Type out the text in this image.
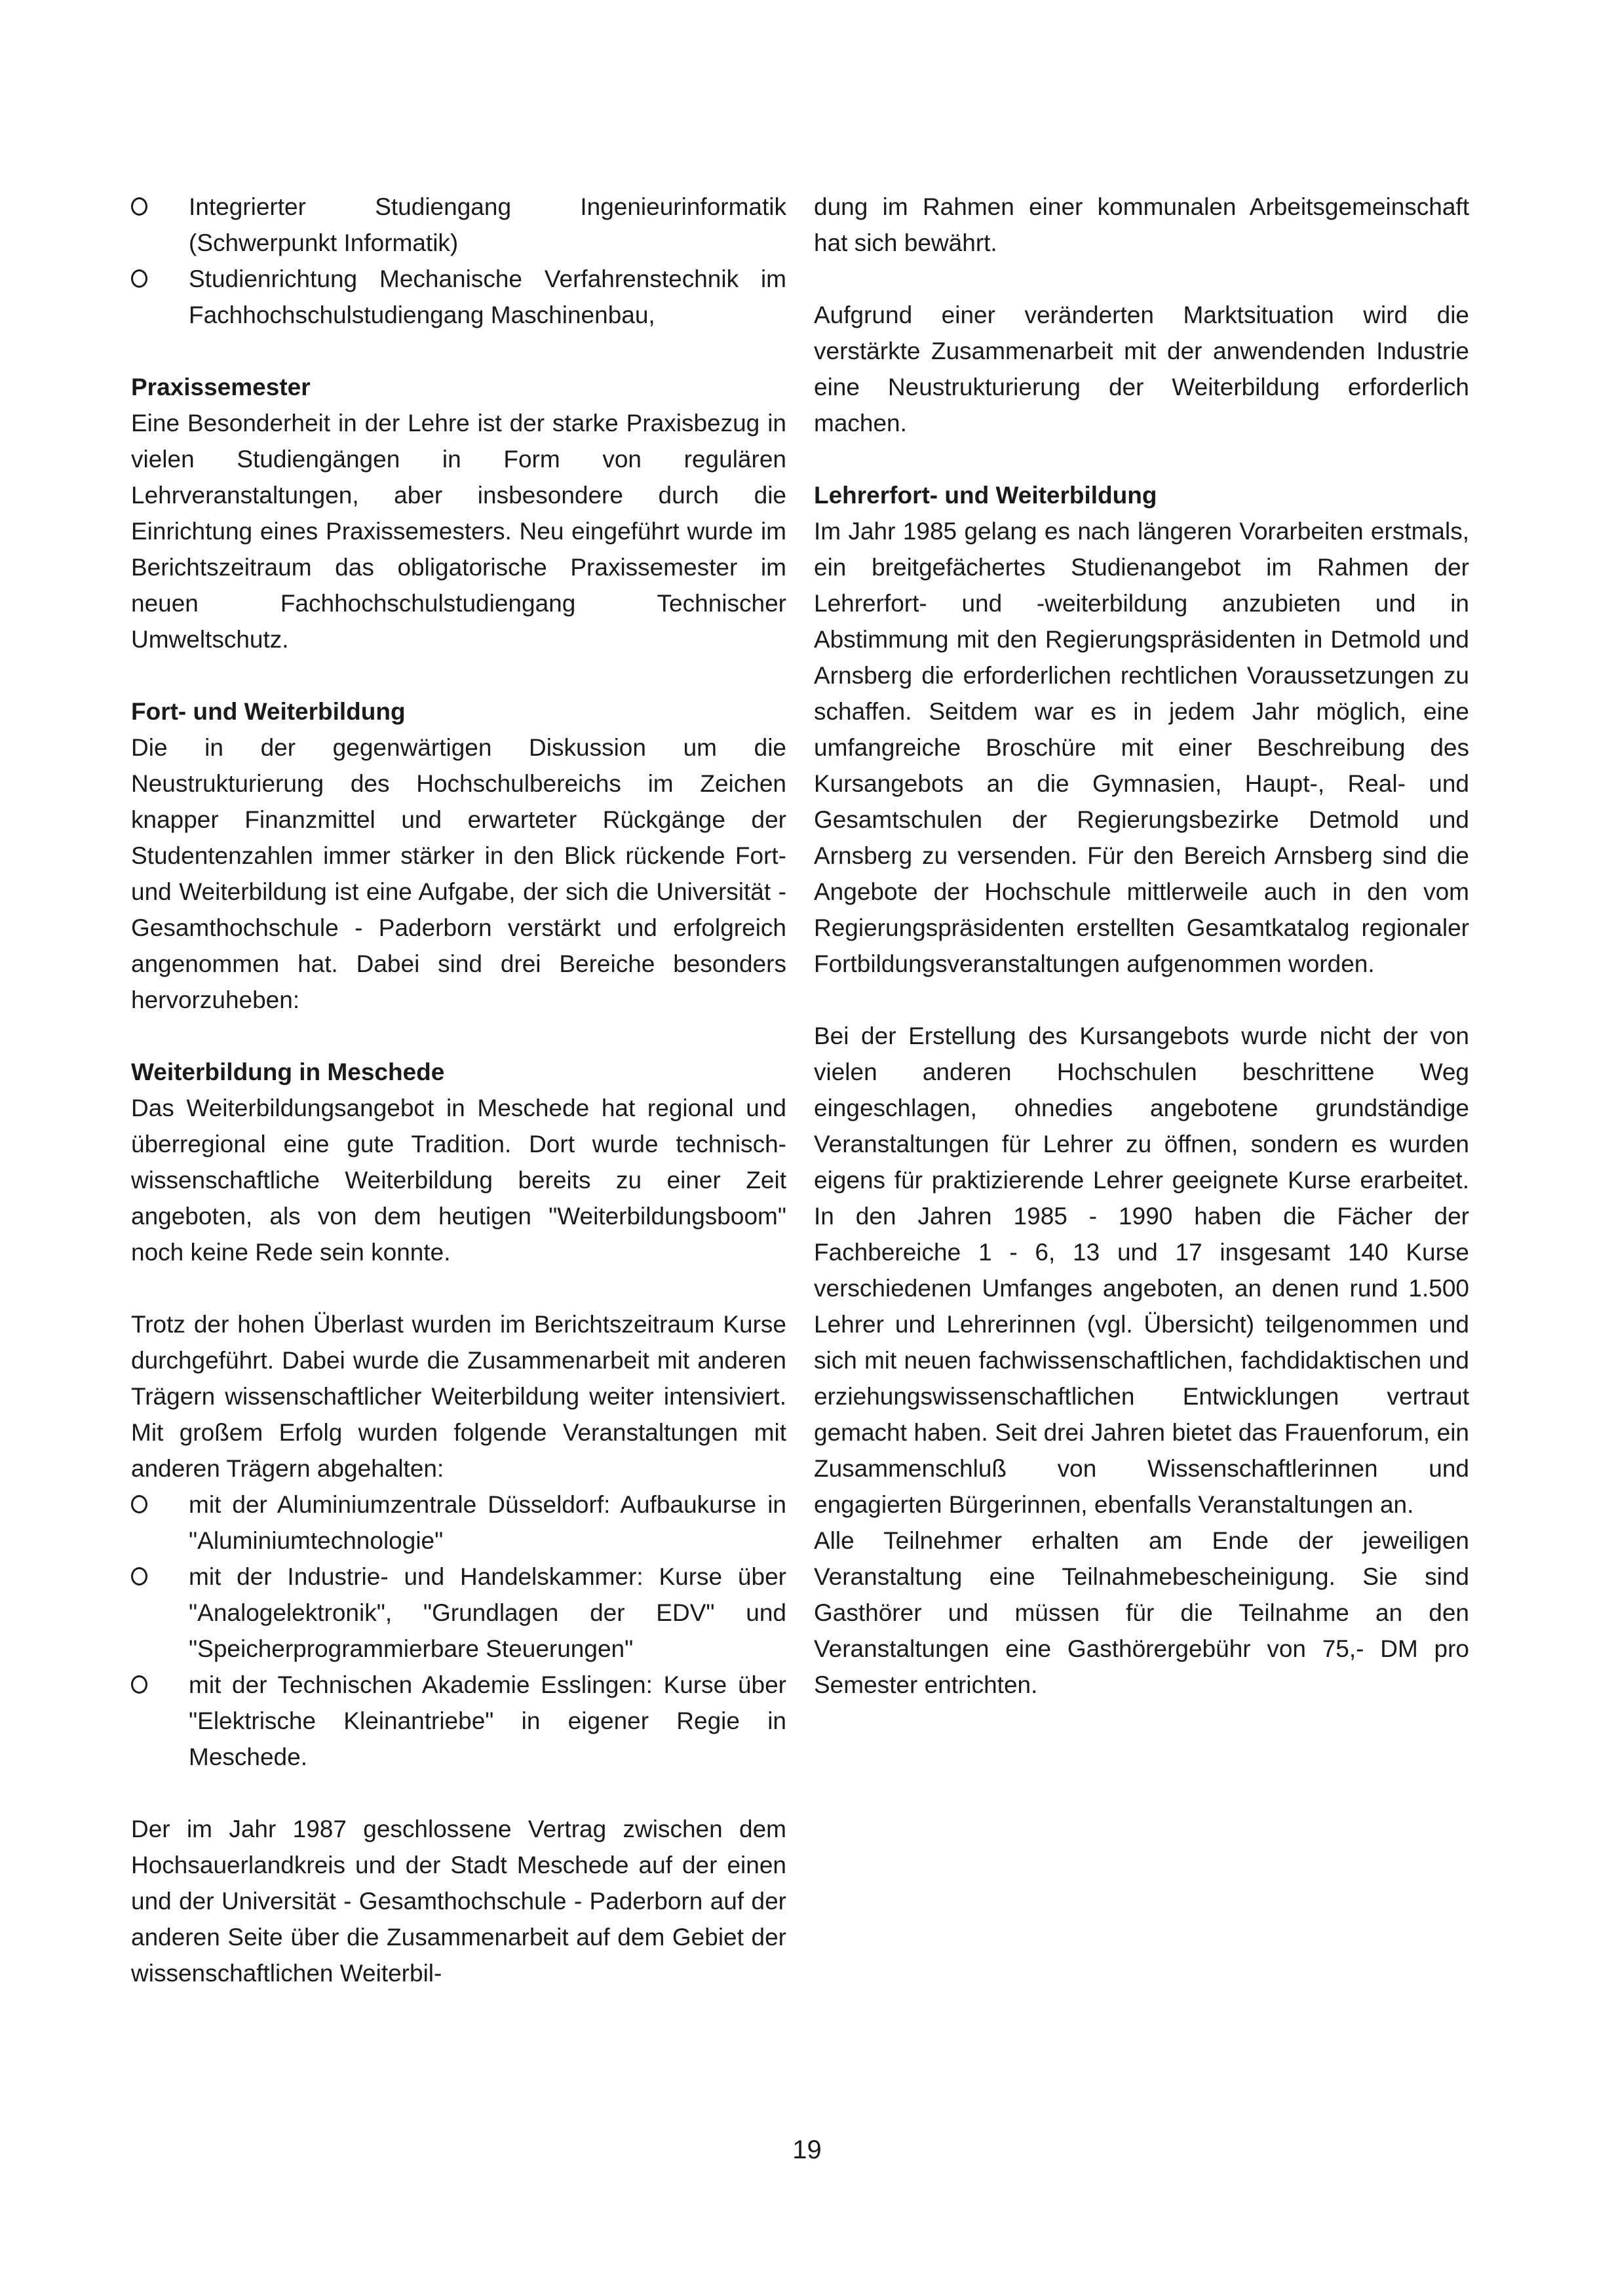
Integrierter Studiengang Ingenieurinformatik (Schwerpunkt Informatik)
Studienrichtung Mechanische Verfahrenstechnik im Fachhochschulstudiengang Maschinenbau,
Praxissemester

Eine Besonderheit in der Lehre ist der starke Praxisbezug in vielen Studiengängen in Form von regulären Lehrveranstaltungen, aber insbesondere durch die Einrichtung eines Praxissemesters. Neu eingeführt wurde im Berichtszeitraum das obligatorische Praxissemester im neuen Fachhochschulstudiengang Technischer Umweltschutz.

Fort- und Weiterbildung

Die in der gegenwärtigen Diskussion um die Neustrukturierung des Hochschulbereichs im Zeichen knapper Finanzmittel und erwarteter Rückgänge der Studentenzahlen immer stärker in den Blick rückende Fort- und Weiterbildung ist eine Aufgabe, der sich die Universität - Gesamthochschule - Paderborn verstärkt und erfolgreich angenommen hat. Dabei sind drei Bereiche besonders hervorzuheben:

Weiterbildung in Meschede

Das Weiterbildungsangebot in Meschede hat regional und überregional eine gute Tradition. Dort wurde technisch-wissenschaftliche Weiterbildung bereits zu einer Zeit angeboten, als von dem heutigen "Weiterbildungsboom" noch keine Rede sein konnte.

Trotz der hohen Überlast wurden im Berichtszeitraum Kurse durchgeführt. Dabei wurde die Zusammenarbeit mit anderen Trägern wissenschaftlicher Weiterbildung weiter intensiviert. Mit großem Erfolg wurden folgende Veranstaltungen mit anderen Trägern abgehalten:

mit der Aluminiumzentrale Düsseldorf: Aufbaukurse in "Aluminiumtechnologie"
mit der Industrie- und Handelskammer: Kurse über "Analogelektronik", "Grundlagen der EDV" und "Speicherprogrammierbare Steuerungen"
mit der Technischen Akademie Esslingen: Kurse über "Elektrische Kleinantriebe" in eigener Regie in Meschede.

Der im Jahr 1987 geschlossene Vertrag zwischen dem Hochsauerlandkreis und der Stadt Meschede auf der einen und der Universität - Gesamthochschule - Paderborn auf der anderen Seite über die Zusammenarbeit auf dem Gebiet der wissenschaftlichen Weiterbil-

dung im Rahmen einer kommunalen Arbeitsgemeinschaft hat sich bewährt.

Aufgrund einer veränderten Marktsituation wird die verstärkte Zusammenarbeit mit der anwendenden Industrie eine Neustrukturierung der Weiterbildung erforderlich machen.

Lehrerfort- und Weiterbildung

Im Jahr 1985 gelang es nach längeren Vorarbeiten erstmals, ein breitgefächertes Studienangebot im Rahmen der Lehrerfort- und -weiterbildung anzubieten und in Abstimmung mit den Regierungspräsidenten in Detmold und Arnsberg die erforderlichen rechtlichen Voraussetzungen zu schaffen. Seitdem war es in jedem Jahr möglich, eine umfangreiche Broschüre mit einer Beschreibung des Kursangebots an die Gymnasien, Haupt-, Real- und Gesamtschulen der Regierungsbezirke Detmold und Arnsberg zu versenden. Für den Bereich Arnsberg sind die Angebote der Hochschule mittlerweile auch in den vom Regierungspräsidenten erstellten Gesamtkatalog regionaler Fortbildungsveranstaltungen aufgenommen worden.

Bei der Erstellung des Kursangebots wurde nicht der von vielen anderen Hochschulen beschrittene Weg eingeschlagen, ohnedies angebotene grundständige Veranstaltungen für Lehrer zu öffnen, sondern es wurden eigens für praktizierende Lehrer geeignete Kurse erarbeitet. In den Jahren 1985 - 1990 haben die Fächer der Fachbereiche 1 - 6, 13 und 17 insgesamt 140 Kurse verschiedenen Umfanges angeboten, an denen rund 1.500 Lehrer und Lehrerinnen (vgl. Übersicht) teilgenommen und sich mit neuen fachwissenschaftlichen, fachdidaktischen und erziehungswissenschaftlichen Entwicklungen vertraut gemacht haben. Seit drei Jahren bietet das Frauenforum, ein Zusammenschluß von Wissenschaftlerinnen und engagierten Bürgerinnen, ebenfalls Veranstaltungen an.

Alle Teilnehmer erhalten am Ende der jeweiligen Veranstaltung eine Teilnahmebescheinigung. Sie sind Gasthörer und müssen für die Teilnahme an den Veranstaltungen eine Gasthörergebühr von 75,- DM pro Semester entrichten.

19
